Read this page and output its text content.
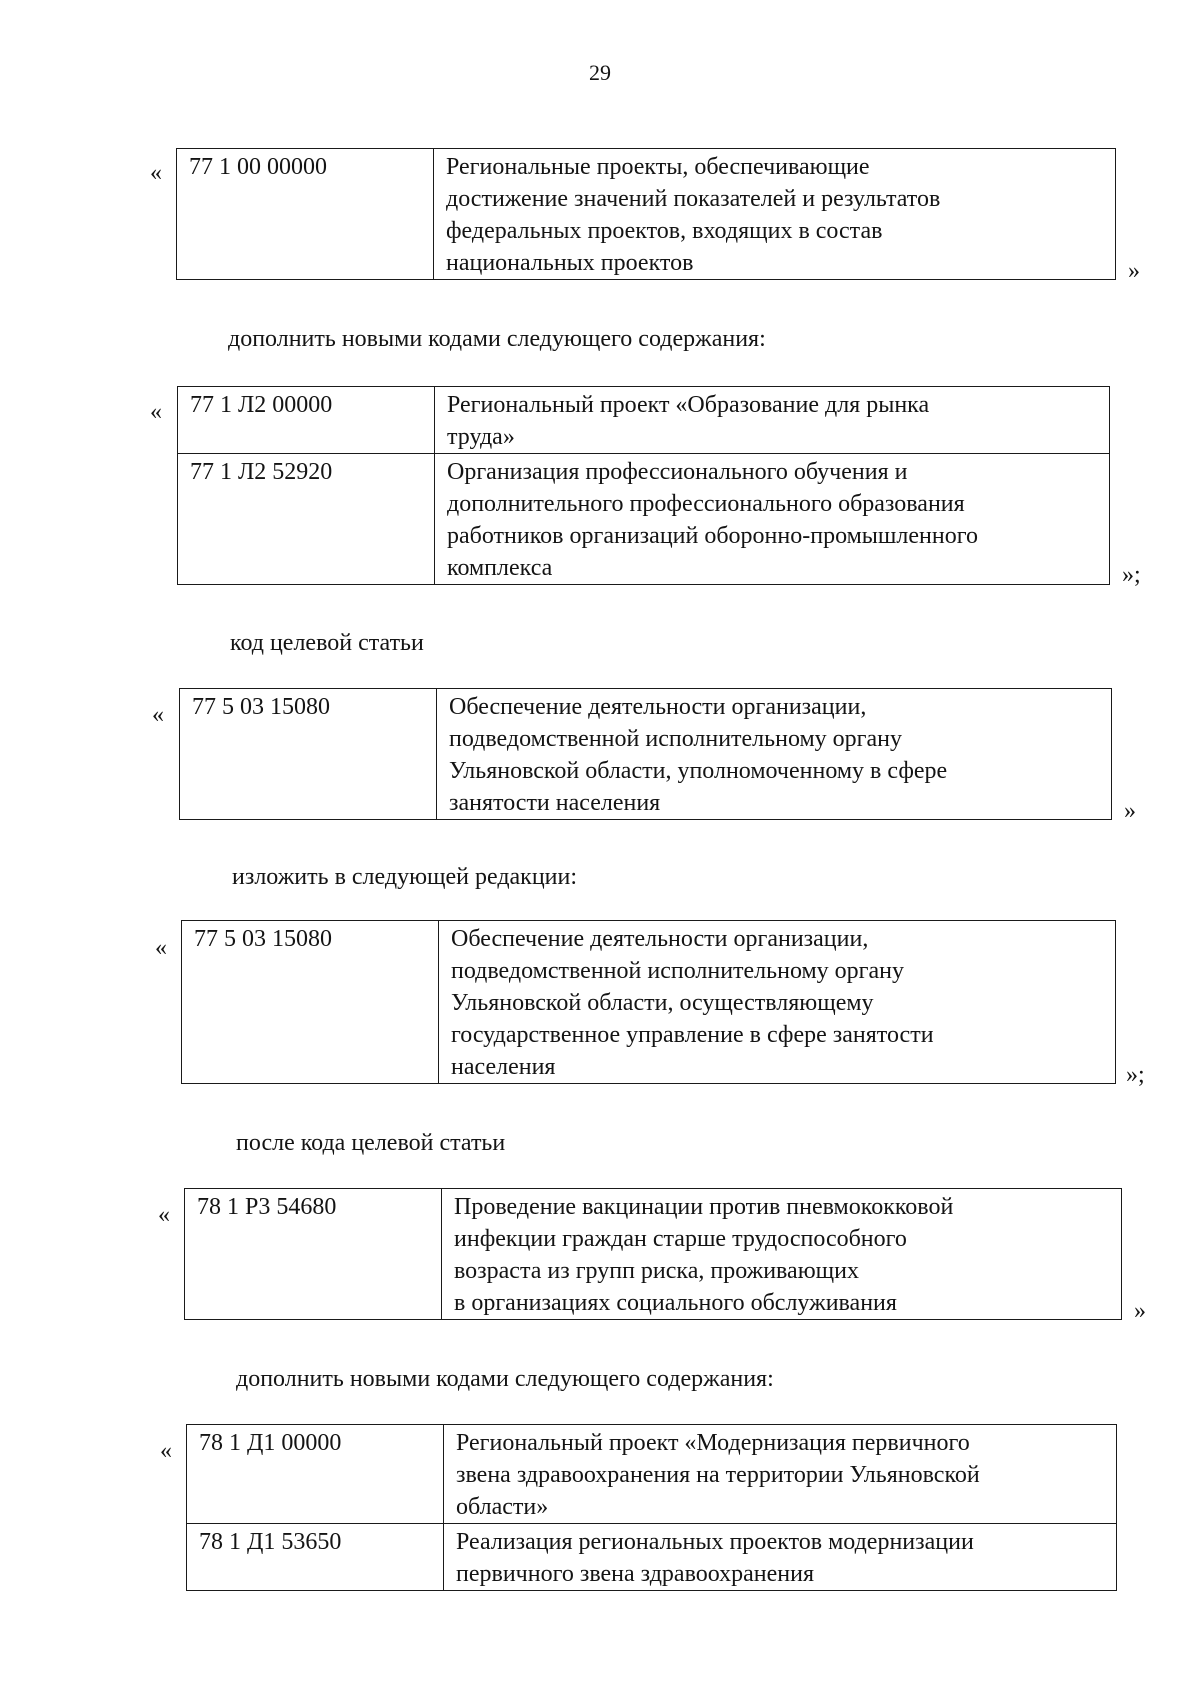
29
« 77 1 00 00000	Региональные проекты, обеспечивающие
достижение значений показателей и результатов
федеральных проектов, входящих в состав
национальных проектов	»
дополнить новыми кодами следующего содержания:
« 77 1 Л2 00000	Региональный проект «Образование для рынка
труда»

77 1 Л2 52920	Организация профессионального обучения и
дополнительного профессионального образования
работников организаций оборонно-промышленного
комплекса	»;
код целевой статьи
« 77 5 03 15080	Обеспечение деятельности организации,
подведомственной исполнительному органу
Ульяновской области, уполномоченному в сфере
занятости населения	»
изложить в следующей редакции:
« 77 5 03 15080	Обеспечение деятельности организации,
подведомственной исполнительному органу
Ульяновской области, осуществляющему
государственное управление в сфере занятости
населения	»;
после кода целевой статьи
« 78 1 Р3 54680	Проведение вакцинации против пневмококковой
инфекции граждан старше трудоспособного
возраста из групп риска, проживающих
в организациях социального обслуживания	»
дополнить новыми кодами следующего содержания:
« 78 1 Д1 00000	Региональный проект «Модернизация первичного
звена здравоохранения на территории Ульяновской
области»

78 1 Д1 53650	Реализация региональных проектов модернизации
первичного звена здравоохранения
